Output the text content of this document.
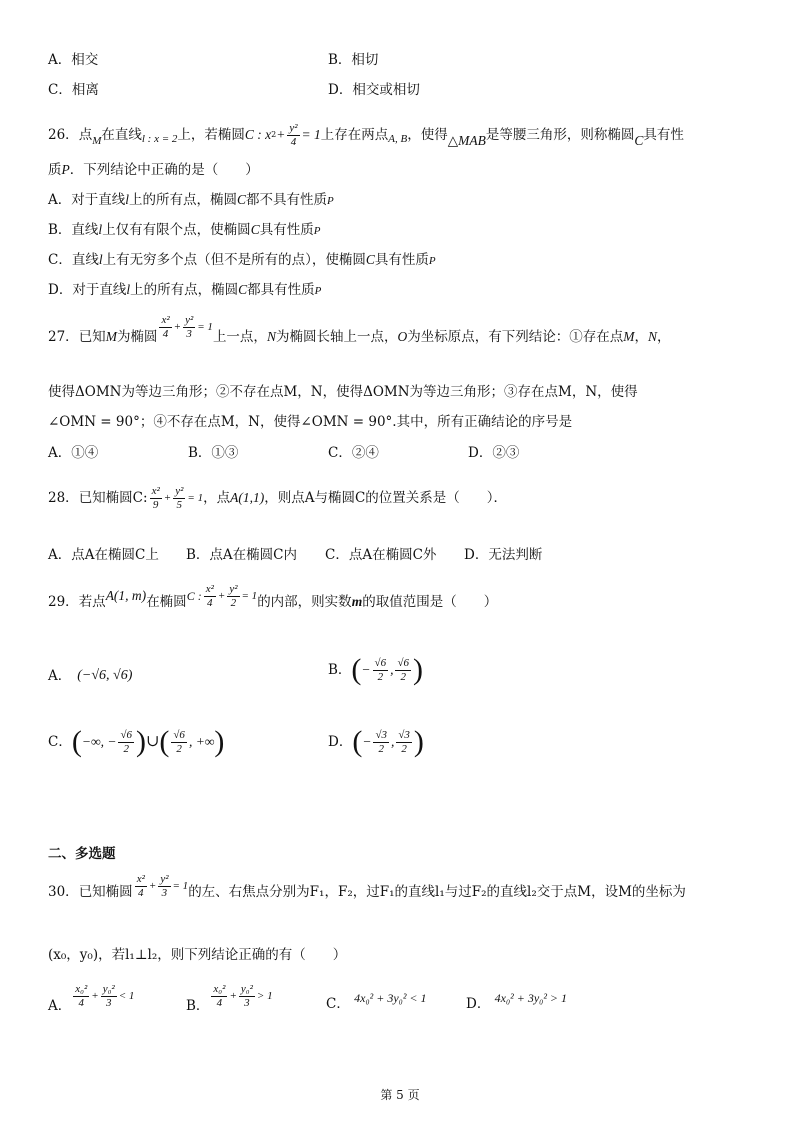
A．相交	B．相切
C．相离	D．相交或相切
26． 点 M 在直线 l : x = 2 上，若椭圆 C : x $2 + \frac{\text{y²}}{4} = 1$ 上存在两点 A, B ，使得 △MAB 是等腰三角形，则称椭圆 C 具有性
质P．下列结论中正确的是（　　）
A．对于直线l上的所有点，椭圆C都不具有性质P
B．直线l上仅有有限个点，使椭圆C具有性质P
C．直线l上有无穷多个点（但不是所有的点），使椭圆C具有性质P
D．对于直线l上的所有点，椭圆C都具有性质P
27． 已知 M 为椭圆 $\frac{\text{x²}}{4} + \frac{\text{y²}}{3} = 1$
上一点， N 为椭圆长轴上一点， O 为坐标原点，有下列结论：①存在点 M ， N ，
使得ΔOMN为等边三角形；②不存在点M，N，使得ΔOMN为等边三角形；③存在点M，N，使得
∠OMN = 90°；④不存在点M，N，使得∠OMN = 90°.其中，所有正确结论的序号是
A．①④	B．①③	C．②④	D．②③
28． 已知椭圆C: $\frac{\text{x²}}{9} + \frac{\text{y²}}{5} = 1$ ，点 A(1,1) ，则点A与椭圆C的位置关系是（　　）．
A．点A在椭圆C上 B．点A在椭圆C内 C．点A在椭圆C外 D．无法判断
29． 若点 A(1, m) 在椭圆 C : $\frac{\text{x²}}{4} + \frac{\text{y²}}{2} = 1$ 的内部，则实数 m 的取值范围是（　　）
A． (−√6, √6)	B． ( − $\frac{√6}{2}$ , $\frac{√6}{2}$ )
C． ( −∞, − $\frac{√6}{2}$ ) ∪ ( $\frac{√6}{2}$ , +∞ )	D． ( − $\frac{√3}{2}$ , $\frac{√3}{2}$ )
二、多选题
30． 已知椭圆 $\frac{\text{x²}}{4} + \frac{\text{y²}}{3} = 1$ 的左、右焦点分别为F₁，F₂，过F₁的直线l₁与过F₂的直线l₂交于点M，设M的坐标为
(x₀，y₀)，若l₁⊥l₂，则下列结论正确的有（　　）
A． $\frac{\text{x₀²}}{4} + \frac{\text{y₀²}}{3} < 1$
B． $\frac{\text{x₀²}}{4} + \frac{\text{y₀²}}{3} > 1$	C． 4x₀² + 3y₀² < 1	D． 4x₀² + 3y₀² > 1
第 5 页
